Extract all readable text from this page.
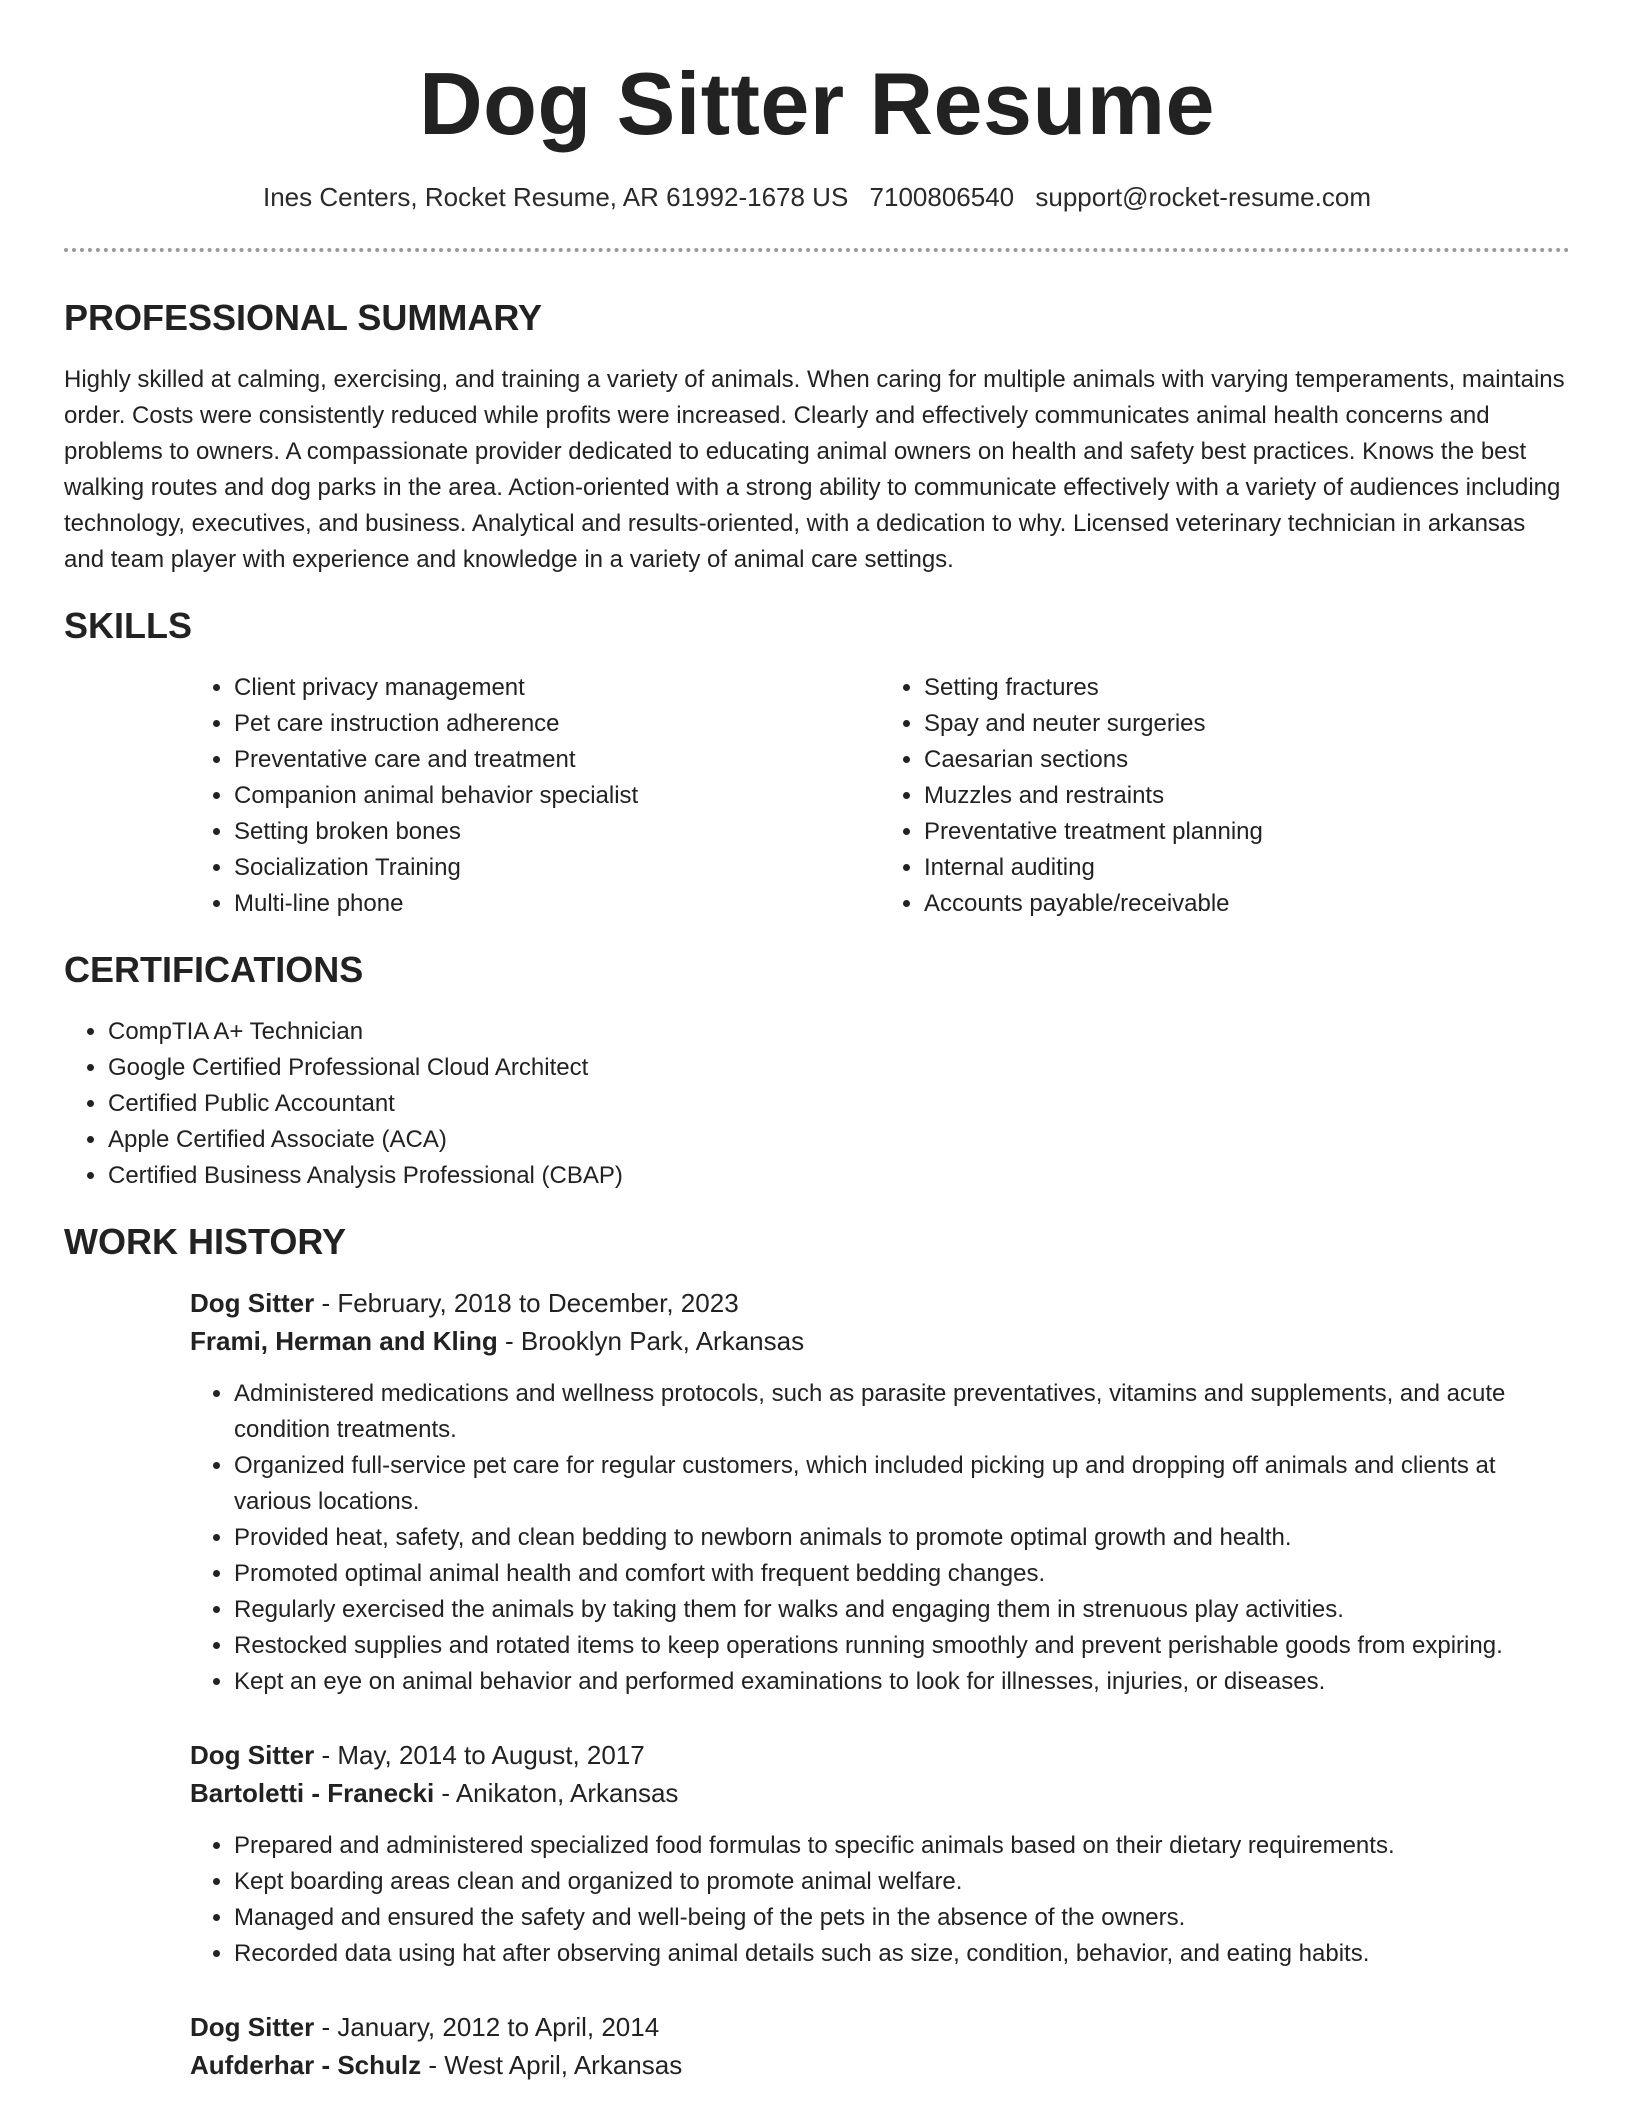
Dog Sitter Resume
Ines Centers, Rocket Resume, AR 61992-1678 US 7100806540 support@rocket-resume.com
PROFESSIONAL SUMMARY

Highly skilled at calming, exercising, and training a variety of animals. When caring for multiple animals with varying temperaments, maintains order. Costs were consistently reduced while profits were increased. Clearly and effectively communicates animal health concerns and problems to owners. A compassionate provider dedicated to educating animal owners on health and safety best practices. Knows the best walking routes and dog parks in the area. Action-oriented with a strong ability to communicate effectively with a variety of audiences including technology, executives, and business. Analytical and results-oriented, with a dedication to why. Licensed veterinary technician in arkansas and team player with experience and knowledge in a variety of animal care settings.

SKILLS
• Client privacy management
• Pet care instruction adherence
• Preventative care and treatment
• Companion animal behavior specialist
• Setting broken bones
• Socialization Training
• Multi-line phone
• Setting fractures
• Spay and neuter surgeries
• Caesarian sections
• Muzzles and restraints
• Preventative treatment planning
• Internal auditing
• Accounts payable/receivable
CERTIFICATIONS
• CompTIA A+ Technician
• Google Certified Professional Cloud Architect
• Certified Public Accountant
• Apple Certified Associate (ACA)
• Certified Business Analysis Professional (CBAP)
WORK HISTORY
Dog Sitter - February, 2018 to December, 2023
Frami, Herman and Kling - Brooklyn Park, Arkansas
• Administered medications and wellness protocols, such as parasite preventatives, vitamins and supplements, and acute condition treatments.
• Organized full-service pet care for regular customers, which included picking up and dropping off animals and clients at various locations.
• Provided heat, safety, and clean bedding to newborn animals to promote optimal growth and health.
• Promoted optimal animal health and comfort with frequent bedding changes.
• Regularly exercised the animals by taking them for walks and engaging them in strenuous play activities.
• Restocked supplies and rotated items to keep operations running smoothly and prevent perishable goods from expiring.
• Kept an eye on animal behavior and performed examinations to look for illnesses, injuries, or diseases.
Dog Sitter - May, 2014 to August, 2017
Bartoletti - Franecki - Anikaton, Arkansas
• Prepared and administered specialized food formulas to specific animals based on their dietary requirements.
• Kept boarding areas clean and organized to promote animal welfare.
• Managed and ensured the safety and well-being of the pets in the absence of the owners.
• Recorded data using hat after observing animal details such as size, condition, behavior, and eating habits.
Dog Sitter - January, 2012 to April, 2014
Aufderhar - Schulz - West April, Arkansas
